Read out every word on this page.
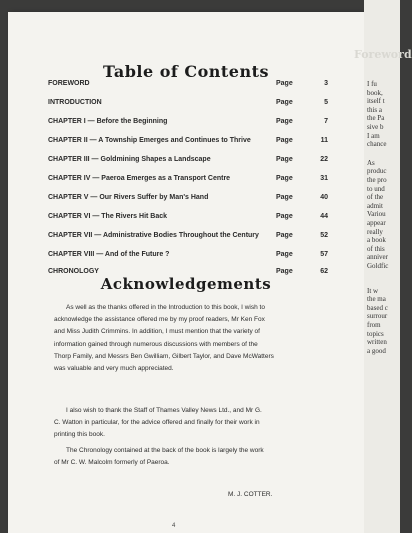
Table of Contents
FOREWORD	Page	3
INTRODUCTION	Page	5
CHAPTER I — Before the Beginning	Page	7
CHAPTER II — A Township Emerges and Continues to Thrive	Page	11
CHAPTER III — Goldmining Shapes a Landscape	Page	22
CHAPTER IV — Paeroa Emerges as a Transport Centre	Page	31
CHAPTER V — Our Rivers Suffer by Man's Hand	Page	40
CHAPTER VI — The Rivers Hit Back	Page	44
CHAPTER VII — Administrative Bodies Throughout the Century Page	52
CHAPTER VIII — And of the Future ?	Page	57
CHRONOLOGY	Page	62
Acknowledgements
As well as the thanks offered in the Introduction to this book, I wish to
acknowledge the assistance offered me by my proof readers, Mr Ken Fox
and Miss Judith Crimmins. In addition, I must mention that the variety of
information gained through numerous discussions with members of the
Thorp Family, and Messrs Ben Gwilliam, Gilbert Taylor, and Dave McWatters
was valuable and very much appreciated.
I also wish to thank the Staff of Thames Valley News Ltd., and Mr G.
C. Watton in particular, for the advice offered and finally for their work in
printing this book.
The Chronology contained at the back of the book is largely the work
of Mr C. W. Malcolm formerly of Paeroa.
M. J. COTTER.
4
Foreword
I fu
book,
itself t
this a
the Pa
sive b
I am
chance
As
produc
the pro
to und
of the
admit
Variou
appear
really
a book
of this
anniver
Goldfic
It w
the ma
based c
surrour
from
topics
written
a good
